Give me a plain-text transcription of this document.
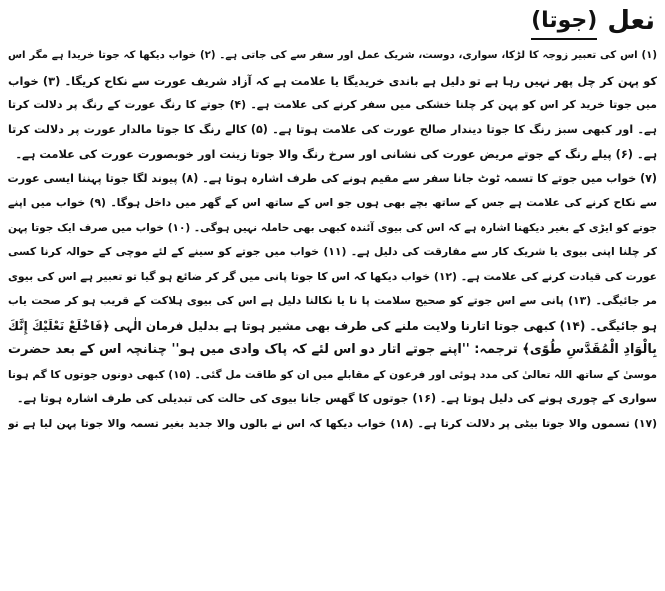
نعل
(جوتا)
(۱) اس کی تعبیر زوجہ کا لڑکا، سواری، دوست، شریک عمل اور سفر سے کی جاتی ہے۔ (۲) خواب دیکھا کہ جوتا خریدا ہے مگر اس
کو پہن کر چل پھر نہیں رہا ہے تو دلیل ہے باندی خریدیگا یا علامت ہے کہ آزاد شریف عورت سے نکاح کریگا۔ (۳) خواب
میں جوتا خرید کر اس کو پہن کر چلنا خشکی میں سفر کرنے کی علامت ہے۔ (۴) جوتے کا رنگ عورت کے رنگ پر دلالت کرتا
ہے۔ اور کبھی سبز رنگ کا جوتا دیندار صالح عورت کی علامت ہوتا ہے۔ (۵) کالے رنگ کا جوتا مالدار عورت پر دلالت کرتا
ہے۔ (۶) پیلے رنگ کے جوتے مریض عورت کی نشانی اور سرخ رنگ والا جوتا زینت اور خوبصورت عورت کی علامت ہے۔
(۷) خواب میں جوتے کا تسمہ ٹوٹ جانا سفر سے مقیم ہونے کی طرف اشارہ ہوتا ہے۔ (۸) پیوند لگا جوتا پہننا ایسی عورت
سے نکاح کرنے کی علامت ہے جس کے ساتھ بچے بھی ہوں جو اس کے ساتھ اس کے گھر میں داخل ہوگا۔ (۹) خواب میں اپنے
جوتے کو ایڑی کے بغیر دیکھنا اشارہ ہے کہ اس کی بیوی آئندہ کبھی بھی حاملہ نہیں ہوگی۔ (۱۰) خواب میں صرف ایک جوتا پہن
کر چلنا اپنی بیوی یا شریک کار سے مفارقت کی دلیل ہے۔ (۱۱) خواب میں جوتے کو سینے کے لئے موچی کے حوالہ کرنا کسی
عورت کی قیادت کرنے کی علامت ہے۔ (۱۲) خواب دیکھا کہ اس کا جوتا پانی میں گر کر ضائع ہو گیا تو تعبیر ہے اس کی بیوی
مر جائیگی۔ (۱۳) پانی سے اس جوتے کو صحیح سلامت پا نا یا نکالنا دلیل ہے اس کی بیوی ہلاکت کے قریب ہو کر صحت یاب
ہو جائیگی۔ (۱۴) کبھی جوتا اتارنا ولایت ملنے کی طرف بھی مشیر ہوتا ہے بدلیل فرمان الٰہی ﴿فَاخْلَعْ نَعْلَيْكَ إِنَّكَ
بِالْوَادِ الْمُقَدَّسِ طُوًى﴾ ترجمہ: ''اپنے جوتے اتار دو اس لئے کہ پاک وادی میں ہو'' چنانچہ اس کے بعد حضرت
موسیٰ کے ساتھ اللہ تعالیٰ کی مدد ہوئی اور فرعون کے مقابلے میں ان کو طاقت مل گئی۔ (۱۵) کبھی دونوں جوتوں کا گم ہونا
سواری کے چوری ہونے کی دلیل ہوتا ہے۔ (۱۶) جوتوں کا گھس جانا بیوی کی حالت کی تبدیلی کی طرف اشارہ ہوتا ہے۔
(۱۷) تسموں والا جوتا بیٹی پر دلالت کرتا ہے۔ (۱۸) خواب دیکھا کہ اس نے بالوں والا جدید بغیر تسمہ والا جوتا پہن لیا ہے تو
